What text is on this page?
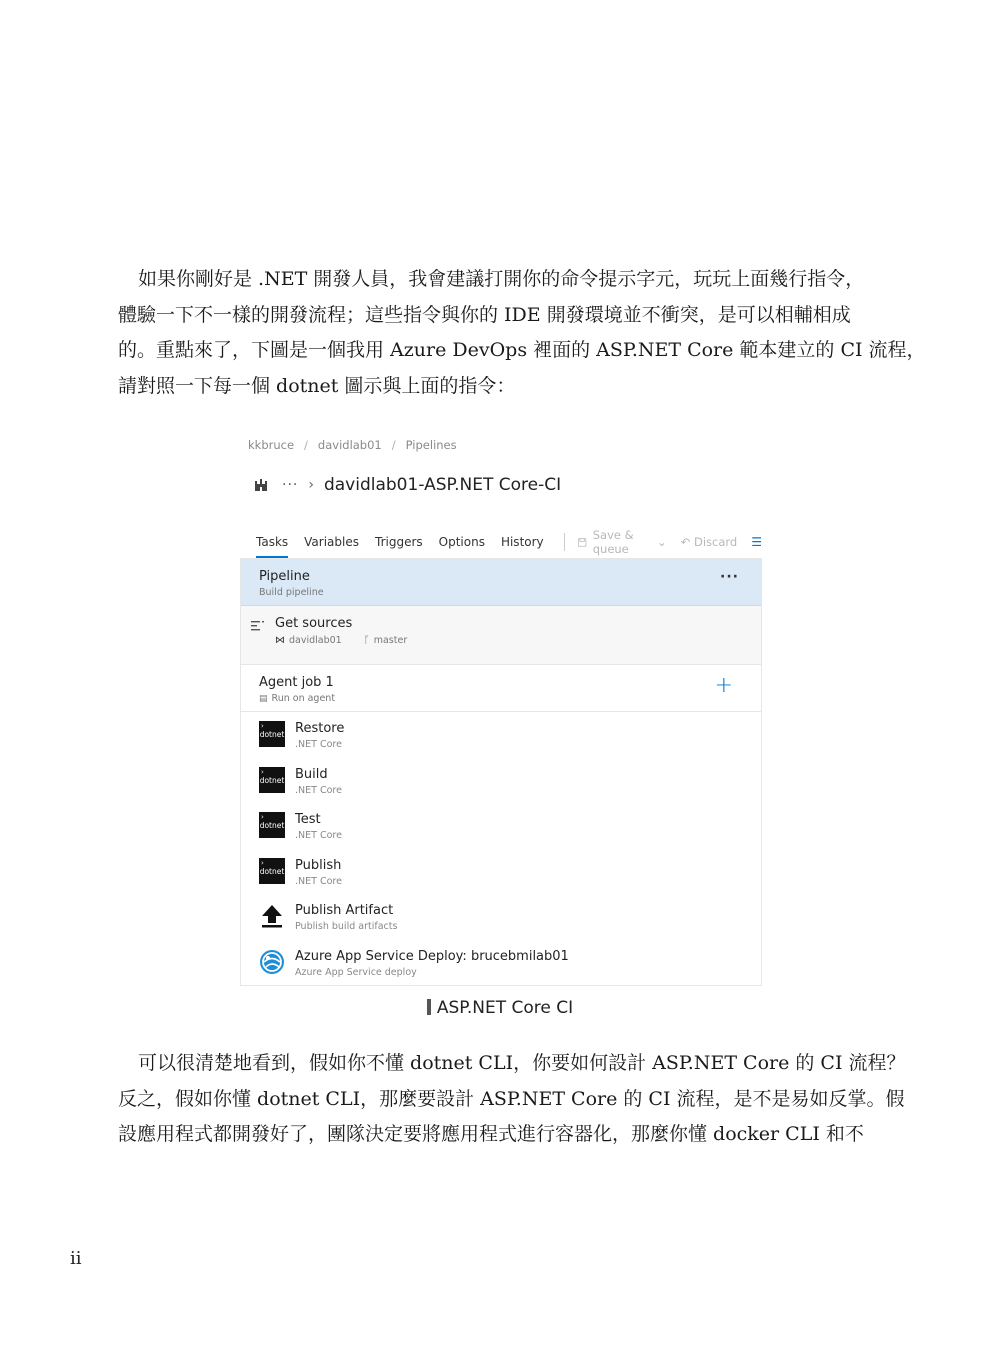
如果你剛好是 .NET 開發人員，我會建議打開你的命令提示字元，玩玩上面幾行指令，
體驗一下不一樣的開發流程；這些指令與你的 IDE 開發環境並不衝突，是可以相輔相成
的。重點來了，下圖是一個我用 Azure DevOps 裡面的 ASP.NET Core 範本建立的 CI 流程，
請對照一下每一個 dotnet 圖示與上面的指令：
kkbruce / davidlab01 / Pipelines
··· › davidlab01-ASP.NET Core-CI
Tasks Variables Triggers Options History	Save & queue
	⌄ ↶
Discard ☰
Pipeline
Build pipeline
···
Get sources
⋈ davidlab01 ᚴ master
Agent job 1
▤ Run on agent
+
›
dotnet Restore
.NET Core
›
dotnet Build
.NET Core
›
dotnet Test
.NET Core
›
dotnet Publish
.NET Core
Publish Artifact
Publish build artifacts
Azure App Service Deploy: brucebmilab01
Azure App Service deploy
ASP.NET Core CI
可以很清楚地看到，假如你不懂 dotnet CLI，你要如何設計 ASP.NET Core 的 CI 流程？
反之，假如你懂 dotnet CLI，那麼要設計 ASP.NET Core 的 CI 流程，是不是易如反掌。假
設應用程式都開發好了，團隊決定要將應用程式進行容器化，那麼你懂 docker CLI 和不
ii
